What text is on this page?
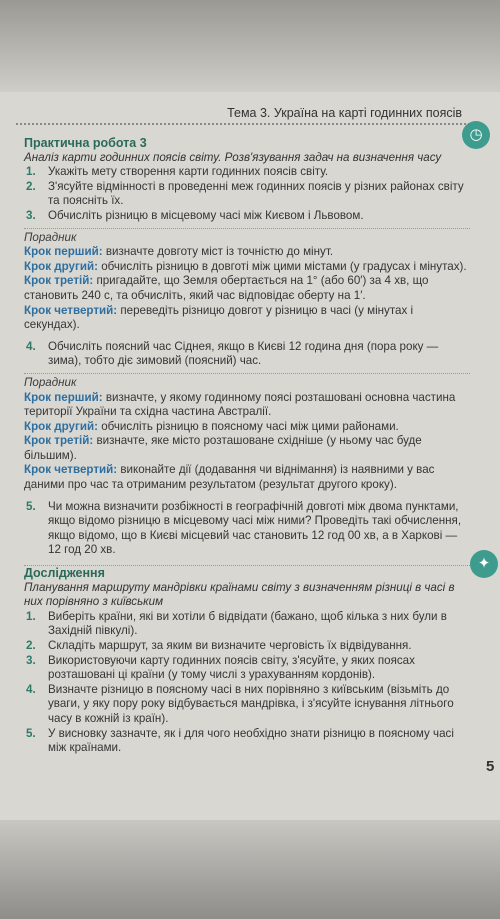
Тема 3. Україна на карті годинних поясів
◷
✦
Практична робота 3
Аналіз карти годинних поясів світу. Розв'язування задач на визначення часу
1. Укажіть мету створення карти годинних поясів світу.
2. З'ясуйте відмінності в проведенні меж годинних поясів у різних районах світу та поясніть їх.
3. Обчисліть різницю в місцевому часі між Києвом і Львовом.
Порадник
Крок перший: визначте довготу міст із точністю до мінут.
Крок другий: обчисліть різницю в довготі між цими містами (у градусах і мінутах).
Крок третій: пригадайте, що Земля обертається на 1° (або 60′) за 4 хв, що становить 240 с, та обчисліть, який час відповідає оберту на 1′.
Крок четвертий: переведіть різницю довгот у різницю в часі (у мінутах і секундах).
4. Обчисліть поясний час Сіднея, якщо в Києві 12 година дня (пора року — зима), тобто діє зимовий (поясний) час.
Порадник
Крок перший: визначте, у якому годинному поясі розташовані основна частина території України та східна частина Австралії.
Крок другий: обчисліть різницю в поясному часі між цими районами.
Крок третій: визначте, яке місто розташоване східніше (у ньому час буде більшим).
Крок четвертий: виконайте дії (додавання чи віднімання) із наявними у вас даними про час та отриманим результатом (результат другого кроку).
5. Чи можна визначити розбіжності в географічній довготі між двома пунктами, якщо відомо різницю в місцевому часі між ними? Проведіть такі обчислення, якщо відомо, що в Києві місцевий час становить 12 год 00 хв, а в Харкові — 12 год 20 хв.
Дослідження
Планування маршруту мандрівки країнами світу з визначенням різниці в часі в них порівняно з київським
1. Виберіть країни, які ви хотіли б відвідати (бажано, щоб кілька з них були в Західній півкулі).
2. Складіть маршрут, за яким ви визначите черговість їх відвідування.
3. Використовуючи карту годинних поясів світу, з'ясуйте, у яких поясах розташовані ці країни (у тому числі з урахуванням кордонів).
4. Визначте різницю в поясному часі в них порівняно з київським (візьміть до уваги, у яку пору року відбувається мандрівка, і з'ясуйте існування літнього часу в кожній із країн).
5. У висновку зазначте, як і для чого необхідно знати різницю в поясному часі між країнами.
5
